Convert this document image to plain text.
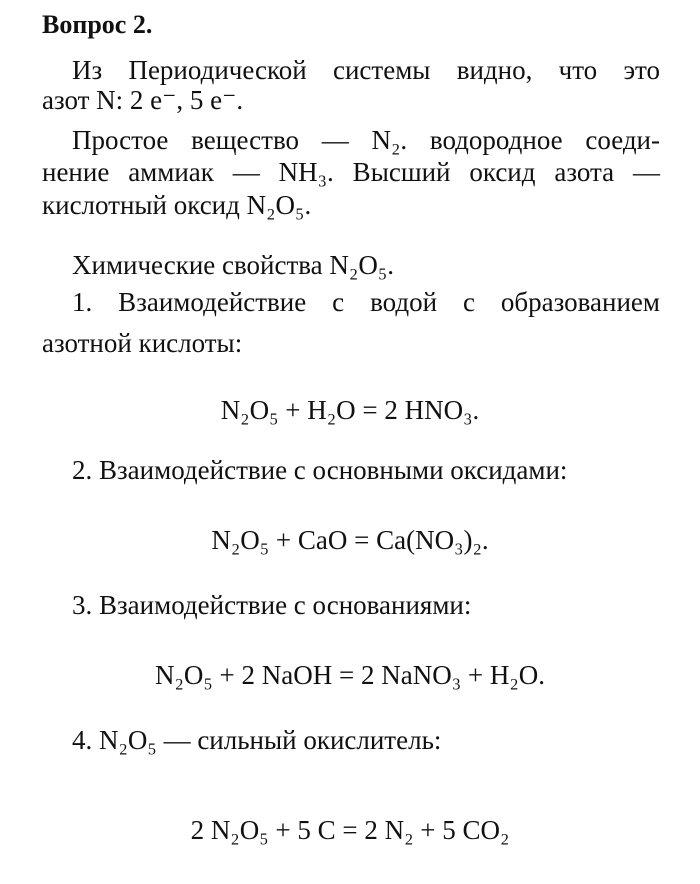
Вопрос 2.
Из Периодической системы видно, что это
азот N: 2 e⁻, 5 e⁻.
Простое вещество — N₂. водородное соеди-
нение аммиак — NH₃. Высший оксид азота —
кислотный оксид N₂O₅.
Химические свойства N₂O₅.
1. Взаимодействие с водой с образованием
азотной кислоты:
N₂O₅ + H₂O = 2 HNO₃.
2. Взаимодействие с основными оксидами:
N₂O₅ + CaO = Ca(NO₃)₂.
3. Взаимодействие с основаниями:
N₂O₅ + 2 NaOH = 2 NaNO₃ + H₂O.
4. N₂O₅ — сильный окислитель:
2 N₂O₅ + 5 C = 2 N₂ + 5 CO₂
